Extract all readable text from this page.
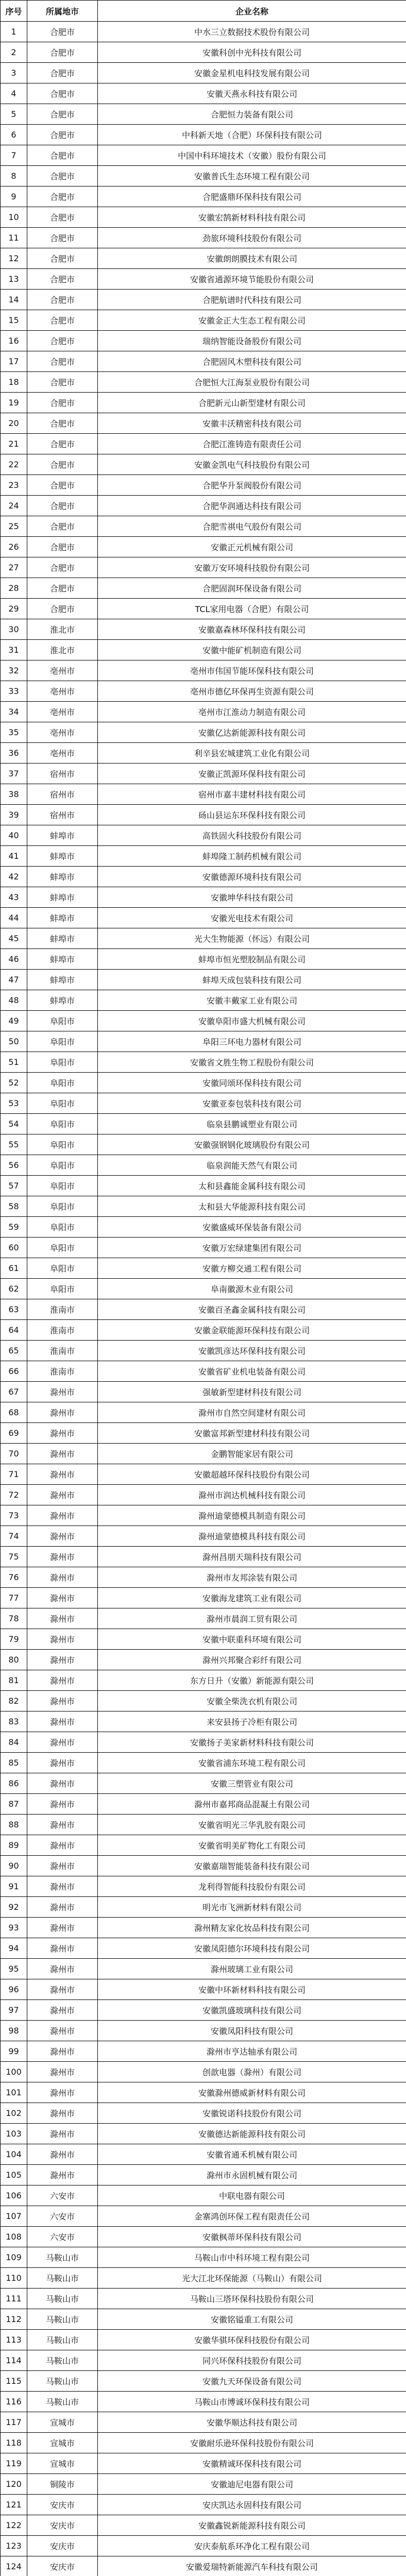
序号	所属地市	企业名称
1	合肥市	中水三立数据技术股份有限公司
2	合肥市	安徽科创中光科技有限公司
3	合肥市	安徽金星机电科技发展有限公司
4	合肥市	安徽天燕永科技有限公司
5	合肥市	合肥恒力装备有限公司
6	合肥市	中科新天地（合肥）环保科技有限公司
7	合肥市	中国中科环境技术（安徽）股份有限公司
8	合肥市	安徽普氏生态环境工程有限公司
9	合肥市	合肥盛鼎环保科技有限公司
10	合肥市	安徽宏鹄新材料科技有限公司
11	合肥市	劲旅环境科技股份有限公司
12	合肥市	安徽朗朗膜技术有限公司
13	合肥市	安徽省通源环境节能股份有限公司
14	合肥市	合肥航谱时代科技有限公司
15	合肥市	安徽金正大生态工程有限公司
16	合肥市	瑞纳智能设备股份有限公司
17	合肥市	合肥固风木塑科技有限公司
18	合肥市	合肥恒大江海泵业股份有限公司
19	合肥市	合肥新元山新型建材有限公司
20	合肥市	安徽丰沃精密科技有限公司
21	合肥市	合肥江淮铸造有限责任公司
22	合肥市	安徽金凯电气科技股份有限公司
23	合肥市	合肥华升泵阀股份有限公司
24	合肥市	合肥华润通达科技有限公司
25	合肥市	合肥雪祺电气股份有限公司
26	合肥市	安徽正元机械有限公司
27	合肥市	安徽万安环境科技股份有限公司
28	合肥市	合肥固润环保设备有限公司
29	合肥市	TCL家用电器（合肥）有限公司
30	淮北市	安徽嘉森林环保科技有限公司
31	淮北市	安徽中能矿机制造有限公司
32	亳州市	亳州市伟国节能环保科技有限公司
33	亳州市	亳州市德亿环保再生资源有限公司
34	亳州市	亳州市江淮动力制造有限公司
35	亳州市	安徽亿达新能源科技有限公司
36	亳州市	利辛县宏城建筑工业化有限公司
37	宿州市	安徽正凯源环保科技有限公司
38	宿州市	宿州市嘉丰建材科技有限公司
39	宿州市	砀山县运东环保科技有限公司
40	蚌埠市	高铁固火科技股份有限公司
41	蚌埠市	蚌埠隆工制药机械有限公司
42	蚌埠市	安徽德源环境科技有限公司
43	蚌埠市	安徽坤华科技有限公司
44	蚌埠市	安徽光电技术有限公司
45	蚌埠市	光大生物能源（怀远）有限公司
46	蚌埠市	蚌埠市恒光塑胶制品有限公司
47	蚌埠市	蚌埠天成包装科技有限公司
48	蚌埠市	安徽丰戴家工业有限公司
49	阜阳市	安徽阜阳市盛大机械有限公司
50	阜阳市	阜阳三环电力器材有限公司
51	阜阳市	安徽省文胜生物工程股份有限公司
52	阜阳市	安徽同颂环保科技有限公司
53	阜阳市	安徽亚泰包装科技有限公司
54	阜阳市	临泉县鹏诚塑业有限公司
55	阜阳市	安徽强钢钢化玻璃股份有限公司
56	阜阳市	临泉润能天然气有限公司
57	阜阳市	太和县鑫能金属科技有限公司
58	阜阳市	太和县大华能源科技有限公司
59	阜阳市	安徽盛威环保装备有限公司
60	阜阳市	安徽万宏绿建集团有限公司
61	阜阳市	安徽方柳交通工程有限公司
62	阜阳市	阜南徽源木业有限公司
63	淮南市	安徽百圣鑫金属科技有限公司
64	淮南市	安徽金联能源环保科技有限公司
65	淮南市	安徽凯彦达环保科技有限公司
66	淮南市	安徽省矿业机电装备有限公司
67	滁州市	强敏新型建材科技有限公司
68	滁州市	滁州市自然空间建材有限公司
69	滁州市	安徽富邦新型建材科技有限公司
70	滁州市	金鹏智能家居有限公司
71	滁州市	安徽超越环保科技股份有限公司
72	滁州市	滁州市润达机械科技有限公司
73	滁州市	滁州迪蒙德模具制造有限公司
74	滁州市	滁州迪蒙德模具科技有限公司
75	滁州市	滁州昌朋天瑞科技有限公司
76	滁州市	滁州市友邦涂装有限公司
77	滁州市	安徽海龙建筑工业有限公司
78	滁州市	滁州市晨润工贸有限公司
79	滁州市	安徽中联重科环境有限公司
80	滁州市	滁州兴邦聚合彩纤有限公司
81	滁州市	东方日升（安徽）新能源有限公司
82	滁州市	安徽全柴洗衣机有限公司
83	滁州市	来安县扬子冷柜有限公司
84	滁州市	安徽扬子美家新材料科技有限公司
85	滁州市	安徽省浦东环境工程有限公司
86	滁州市	安徽三塑管业有限公司
87	滁州市	滁州市嘉邦商品混凝土有限公司
88	滁州市	安徽省明光三华乳胶有限公司
89	滁州市	安徽省明美矿物化工有限公司
90	滁州市	安徽嘉瑞智能装备科技有限公司
91	滁州市	龙利得智能科技股份有限公司
92	滁州市	明光市飞洲新材料有限公司
93	滁州市	滁州精友家化妆品科技有限公司
94	滁州市	安徽凤阳德尔环境科技有限公司
95	滁州市	滁州玻璃工业有限公司
96	滁州市	安徽中环新材料科技有限公司
97	滁州市	安徽凯盛玻璃科技有限公司
98	滁州市	安徽凤阳科技有限公司
99	滁州市	滁州市亨达轴承有限公司
100	滁州市	创歆电器（滁州）有限公司
101	滁州市	安徽滁州德威新材料有限公司
102	滁州市	安徽锐诺科技股份有限公司
103	滁州市	安徽德达新能源科技有限公司
104	滁州市	安徽省通禾机械有限公司
105	滁州市	滁州市永固机械有限公司
106	六安市	中联电器有限公司
107	六安市	金寨鸿创环保工程有限责任公司
108	六安市	安徽枫蒂环保科技有限公司
109	马鞍山市	马鞍山市中科环境工程有限公司
110	马鞍山市	光大江北环保能源（马鞍山）有限公司
111	马鞍山市	马鞍山三塔环保科技股份有限公司
112	马鞍山市	安徽铭镒重工有限公司
113	马鞍山市	安徽华骐环保科技股份有限公司
114	马鞍山市	同兴环保科技股份有限公司
115	马鞍山市	安徽九天环保设备有限公司
116	马鞍山市	马鞍山市博诚环保科技有限公司
117	宣城市	安徽华顺达科技有限公司
118	宣城市	安徽耐乐逊环保科技股份有限公司
119	宣城市	安徽精诚环保科技有限公司
120	铜陵市	安徽迪尼电器有限公司
121	安庆市	安庆凯达永固科技有限公司
122	安庆市	安徽鑫锐新能源科技有限公司
123	安庆市	安庆泰航系环净化工程有限公司
124	安庆市	安徽爱瑞特新能源汽车科技有限公司
